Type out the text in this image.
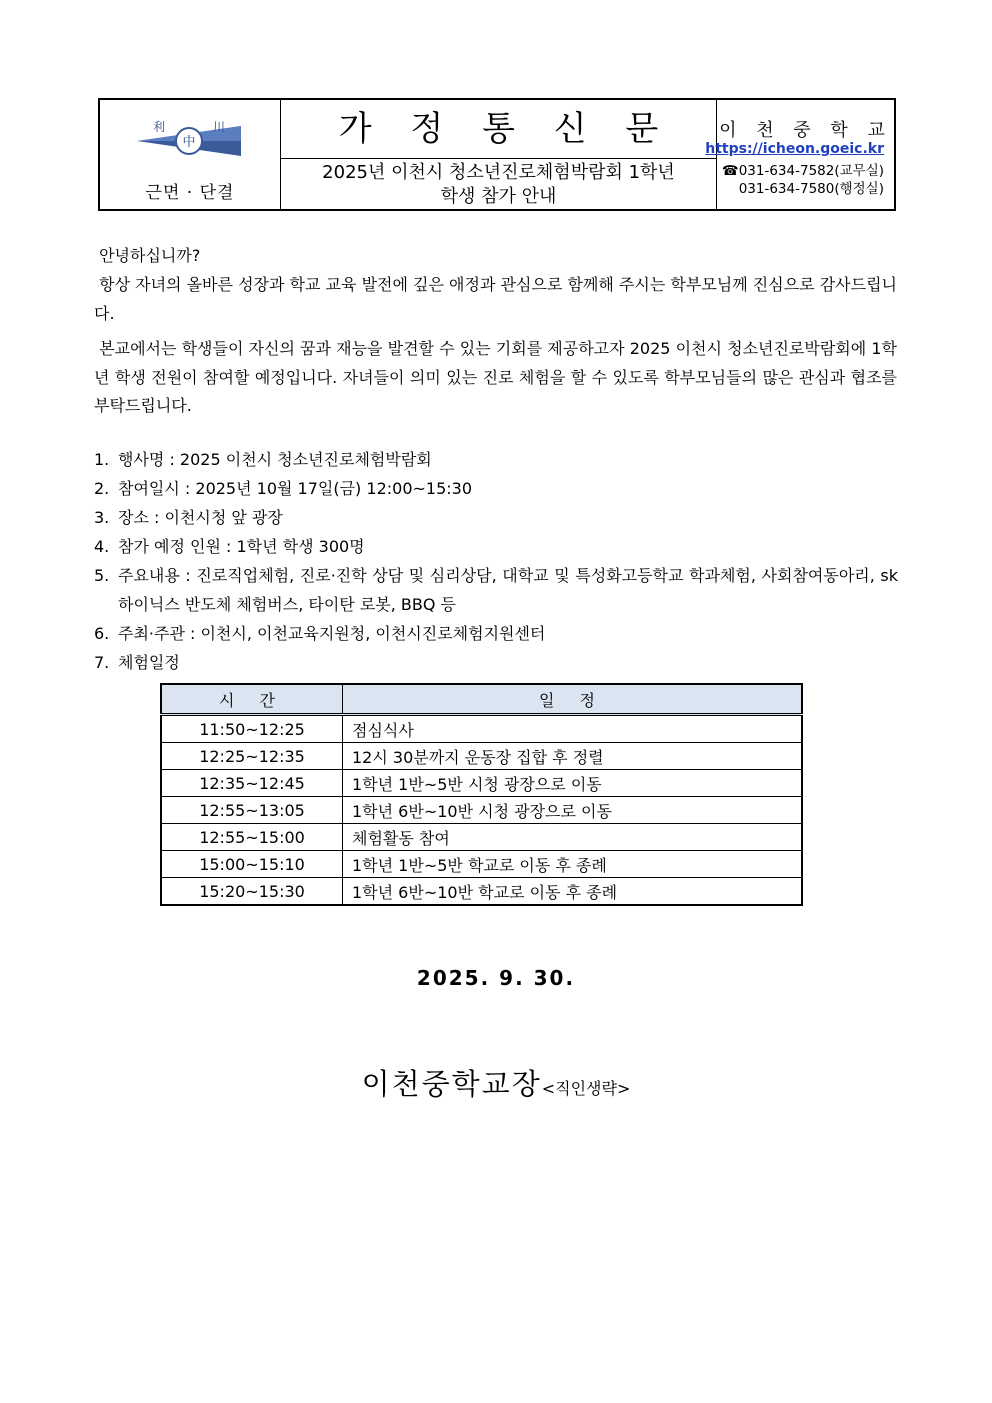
中
利	川
근면 · 단결
가 정 통 신 문
2025년 이천시 청소년진로체험박람회 1학년
학생 참가 안내
이 천 중 학 교
https://icheon.goeic.kr
☎031-634-7582(교무실)
031-634-7580(행정실)
안녕하십니까?
항상 자녀의 올바른 성장과 학교 교육 발전에 깊은 애정과 관심으로 함께해 주시는 학부모님께 진심으로 감사드립니다.
본교에서는 학생들이 자신의 꿈과 재능을 발견할 수 있는 기회를 제공하고자 2025 이천시 청소년진로박람회에 1학년 학생 전원이 참여할 예정입니다. 자녀들이 의미 있는 진로 체험을 할 수 있도록 학부모님들의 많은 관심과 협조를 부탁드립니다.
1. 행사명 : 2025 이천시 청소년진로체험박람회
2. 참여일시 : 2025년 10월 17일(금) 12:00~15:30
3. 장소 : 이천시청 앞 광장
4. 참가 예정 인원 : 1학년 학생 300명
5. 주요내용 : 진로직업체험, 진로·진학 상담 및 심리상담, 대학교 및 특성화고등학교 학과체험, 사회참여동아리, sk하이닉스 반도체 체험버스, 타이탄 로봇, BBQ 등
6. 주최·주관 : 이천시, 이천교육지원청, 이천시진로체험지원센터
7. 체험일정
시 간	일 정
11:50~12:25	점심식사
12:25~12:35	12시 30분까지 운동장 집합 후 정렬
12:35~12:45	1학년 1반~5반 시청 광장으로 이동
12:55~13:05	1학년 6반~10반 시청 광장으로 이동
12:55~15:00	체험활동 참여
15:00~15:10	1학년 1반~5반 학교로 이동 후 종례
15:20~15:30	1학년 6반~10반 학교로 이동 후 종례
2025. 9. 30.
이천중학교장<직인생략>
